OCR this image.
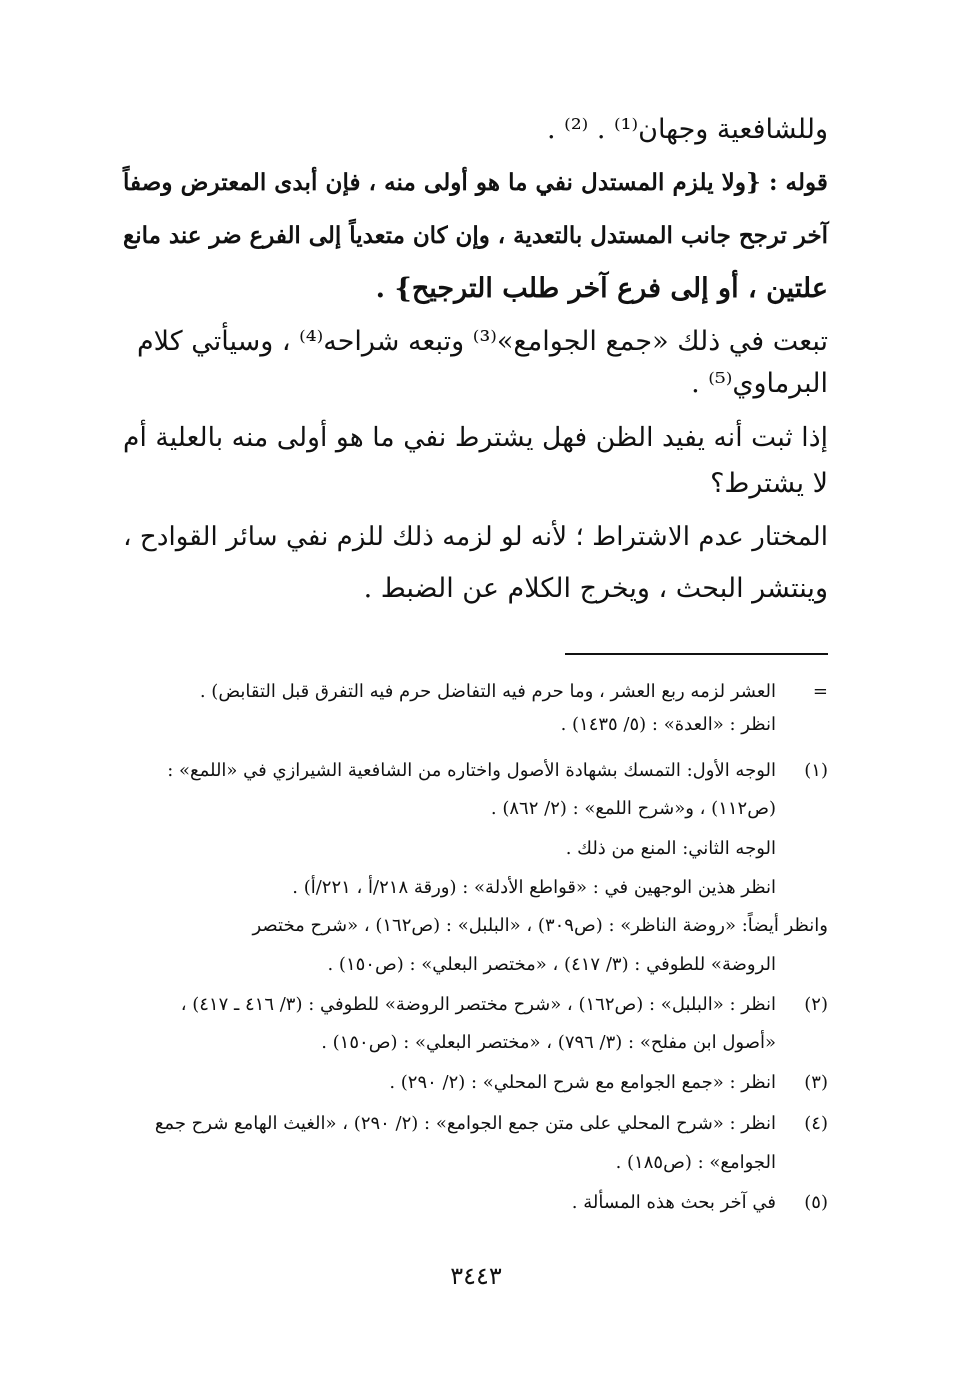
وللشافعية وجهان⁽¹⁾ . ⁽²⁾ .
قوله : {ولا يلزم المستدل نفي ما هو أولى منه ، فإن أبدى المعترض وصفاً
آخر ترجح جانب المستدل بالتعدية ، وإن كان متعدياً إلى الفرع ضر عند مانع
علتين ، أو إلى فرع آخر طلب الترجيح} .
تبعت في ذلك «جمع الجوامع»⁽³⁾ وتبعه شراحه⁽⁴⁾ ، وسيأتي كلام
البرماوي⁽⁵⁾ .
إذا ثبت أنه يفيد الظن فهل يشترط نفي ما هو أولى منه بالعلية أم
لا يشترط؟
المختار عدم الاشتراط ؛ لأنه لو لزمه ذلك للزم نفي سائر القوادح ،
وينتشر البحث ، ويخرج الكلام عن الضبط .
=
العشر لزمه ربع العشر ، وما حرم فيه التفاضل حرم فيه التفرق قبل التقابض) .
انظر : «العدة» : (٥/ ١٤٣٥) .
(١)
الوجه الأول: التمسك بشهادة الأصول واختاره من الشافعية الشيرازي في «اللمع» :
(ص١١٢) ، و«شرح اللمع» : (٢/ ٨٦٢) .
الوجه الثاني: المنع من ذلك .
انظر هذين الوجهين في : «قواطع الأدلة» : (ورقة ٢١٨/أ ، ٢٢١/أ) .
وانظر أيضاً: «روضة الناظر» : (ص٣٠٩) ، «البلبل» : (ص١٦٢) ، «شرح مختصر
الروضة» للطوفي : (٣/ ٤١٧) ، «مختصر البعلي» : (ص١٥٠) .
(٢)
انظر : «البلبل» : (ص١٦٢) ، «شرح مختصر الروضة» للطوفي : (٣/ ٤١٦ ـ ٤١٧) ،
«أصول ابن مفلح» : (٣/ ٧٩٦) ، «مختصر البعلي» : (ص١٥٠) .
(٣)
انظر : «جمع الجوامع مع شرح المحلي» : (٢/ ٢٩٠) .
(٤)
انظر : «شرح المحلي على متن جمع الجوامع» : (٢/ ٢٩٠) ، «الغيث الهامع شرح جمع
الجوامع» : (ص١٨٥) .
(٥)
في آخر بحث هذه المسألة .
٣٤٤٣
